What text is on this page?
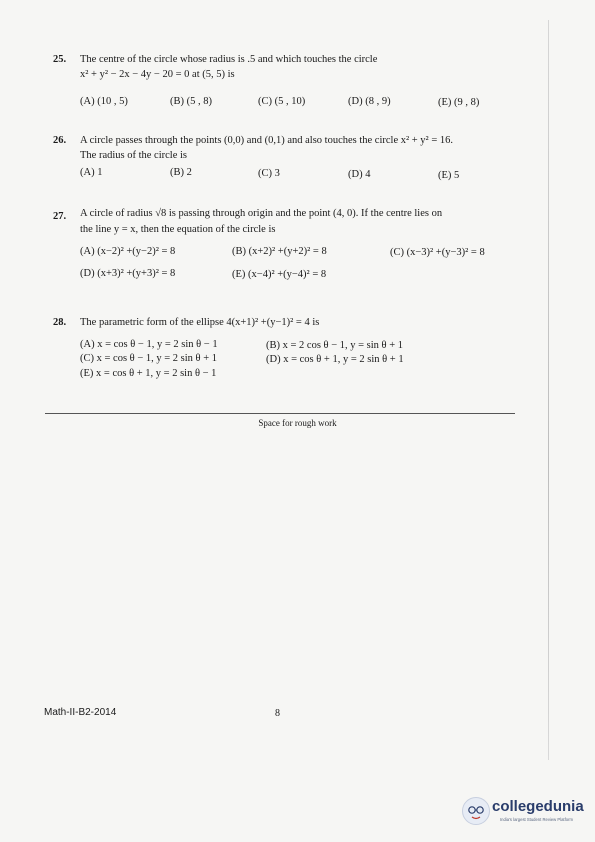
25. The centre of the circle whose radius is .5 and which touches the circle
x² + y² − 2x − 4y − 20 = 0 at (5, 5) is
(A) (10 , 5)	(B) (5 , 8)	(C) (5 , 10)	(D) (8 , 9)	(E) (9 , 8)
26. A circle passes through the points (0,0) and (0,1) and also touches the circle x² + y² = 16.
The radius of the circle is
(A) 1	(B) 2	(C) 3	(D) 4	(E) 5
27. A circle of radius √8 is passing through origin and the point (4, 0). If the centre lies on
the line y = x, then the equation of the circle is
(A) (x−2)² +(y−2)² = 8	(B) (x+2)² +(y+2)² = 8	(C) (x−3)² +(y−3)² = 8
(D) (x+3)² +(y+3)² = 8	(E) (x−4)² +(y−4)² = 8
28. The parametric form of the ellipse 4(x+1)² +(y−1)² = 4 is
(A) x = cos θ − 1, y = 2 sin θ − 1	(B) x = 2 cos θ − 1, y = sin θ + 1
(C) x = cos θ − 1, y = 2 sin θ + 1	(D) x = cos θ + 1, y = 2 sin θ + 1
(E) x = cos θ + 1, y = 2 sin θ − 1
Space for rough work
Math-II-B2-2014	8
collegedunia
India's largest Student Review Platform
